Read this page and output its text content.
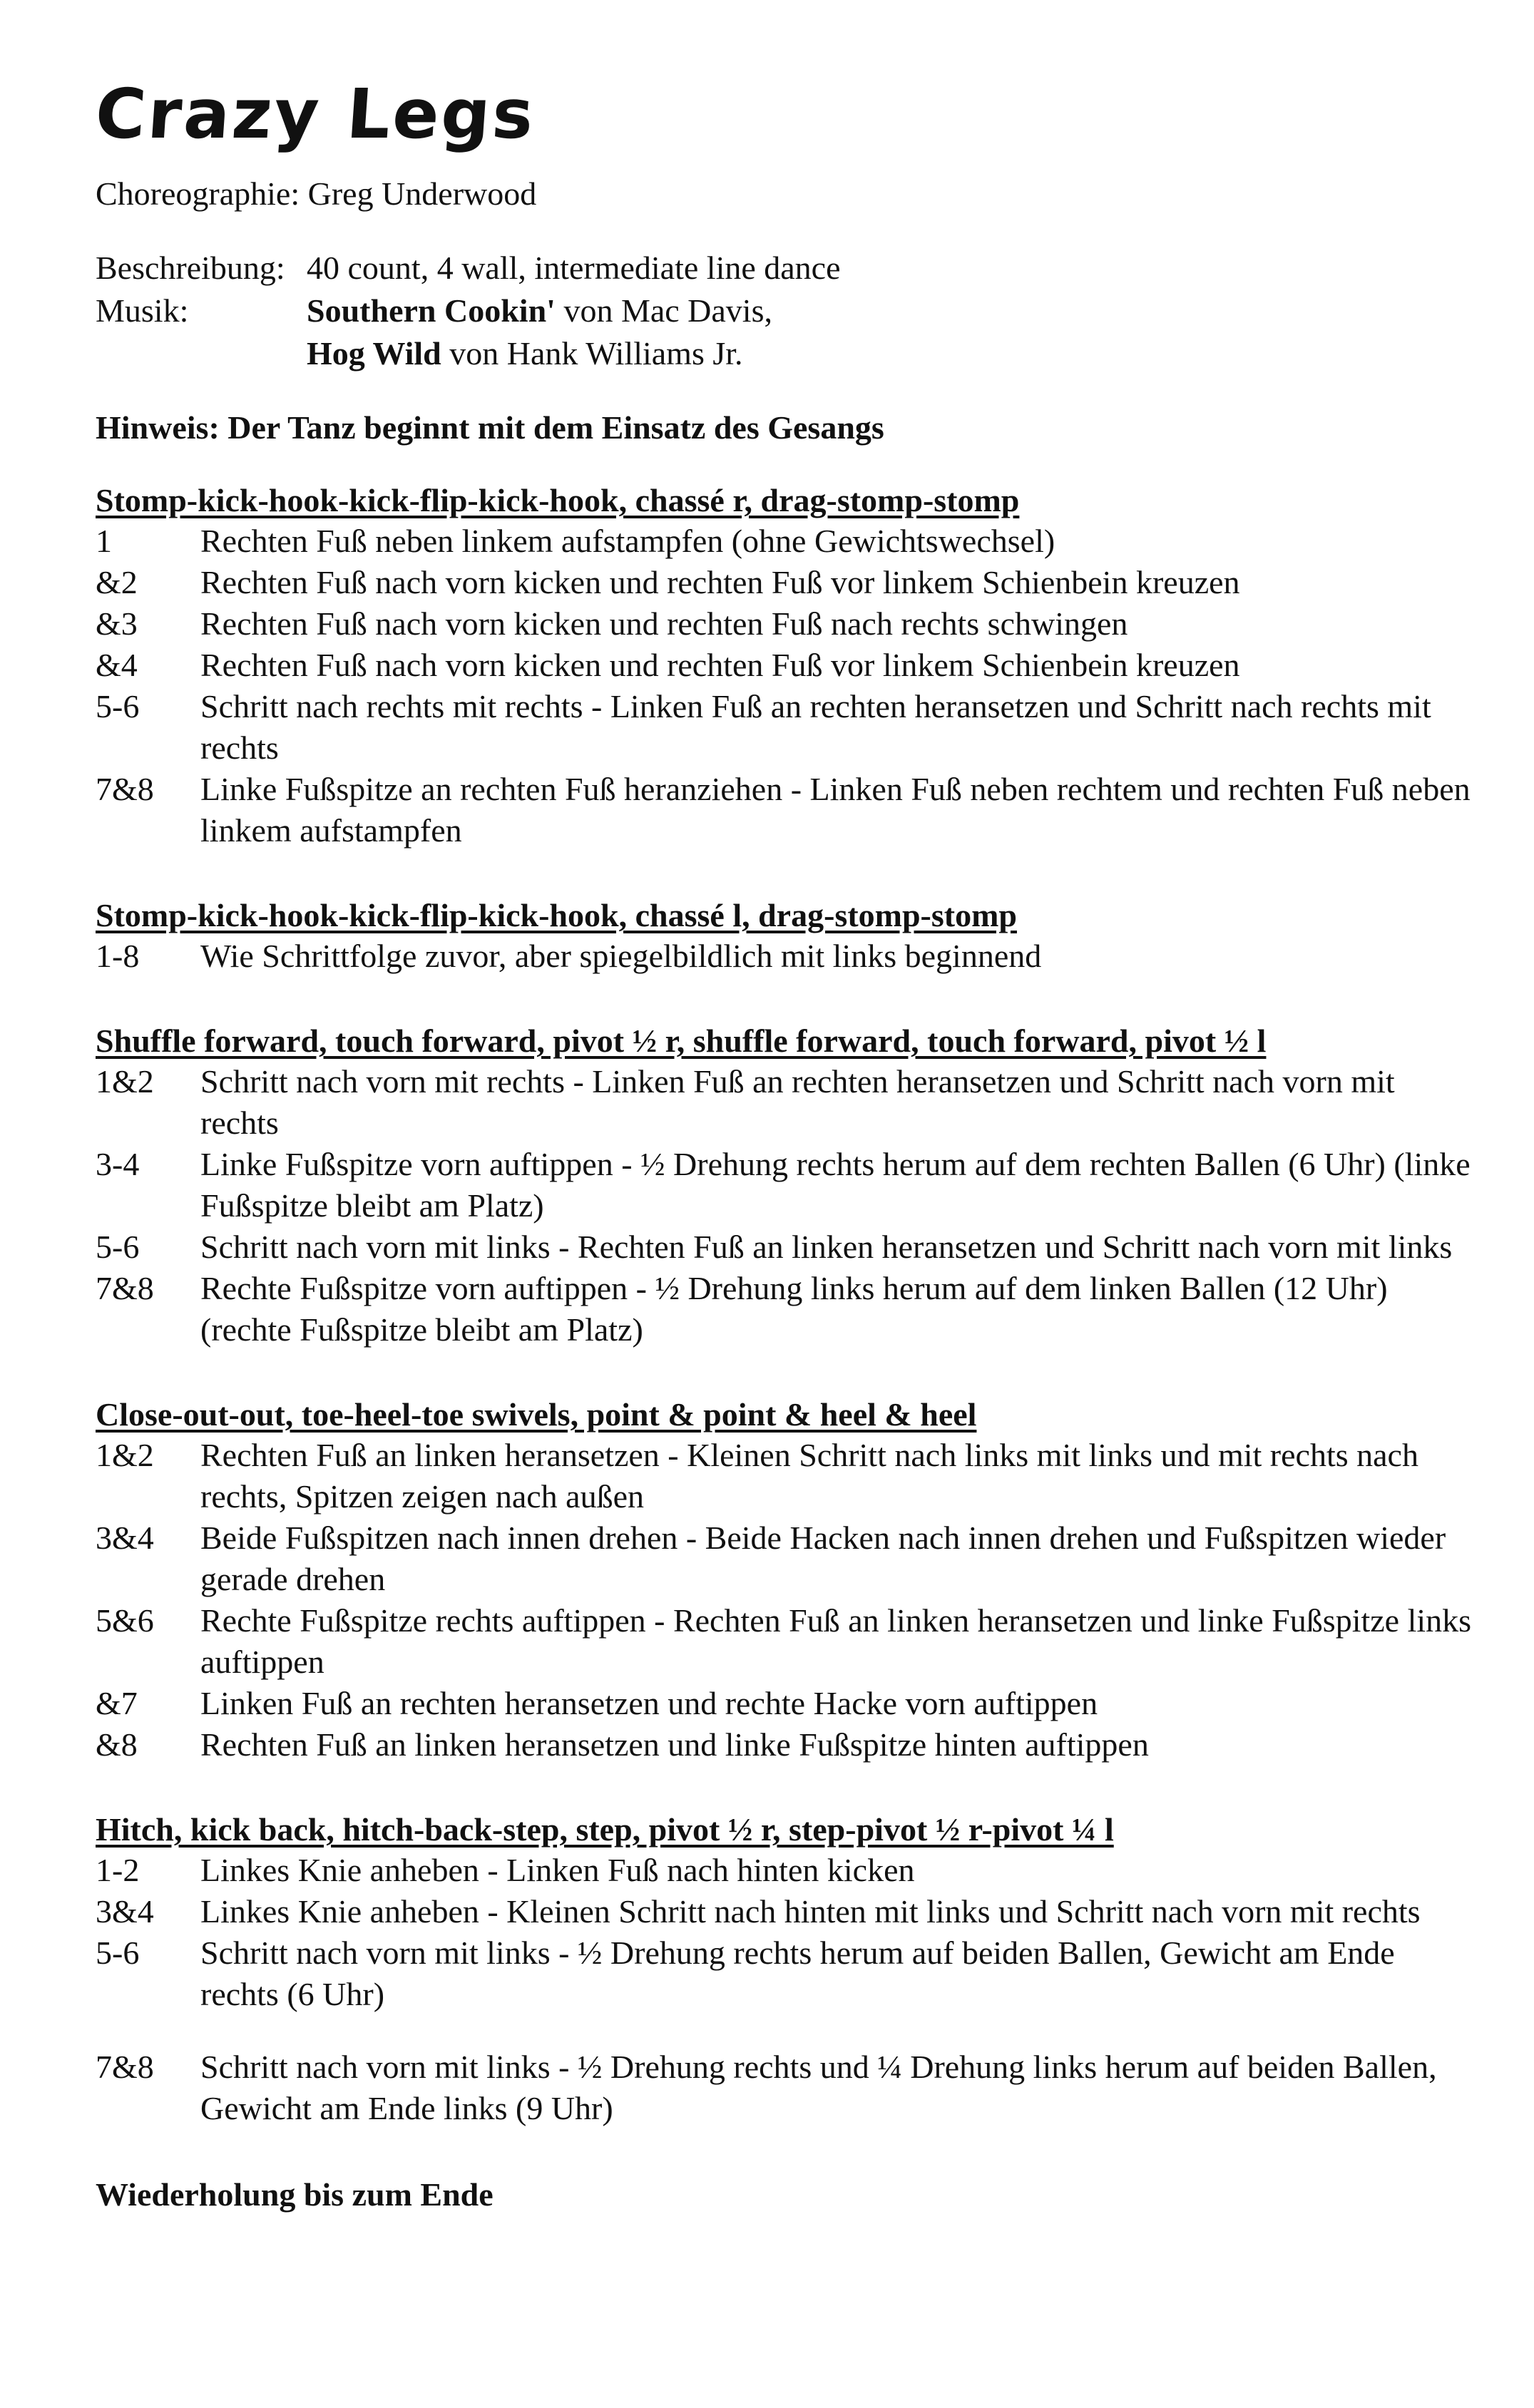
Crazy Legs
Choreographie: Greg Underwood
Beschreibung: 40 count, 4 wall, intermediate line dance
Musik:	Southern Cookin' von Mac Davis,
Hog Wild von Hank Williams Jr.
Hinweis: Der Tanz beginnt mit dem Einsatz des Gesangs
Stomp-kick-hook-kick-flip-kick-hook, chassé r, drag-stomp-stomp
1	Rechten Fuß neben linkem aufstampfen (ohne Gewichtswechsel)
&2	Rechten Fuß nach vorn kicken und rechten Fuß vor linkem Schienbein kreuzen
&3	Rechten Fuß nach vorn kicken und rechten Fuß nach rechts schwingen
&4	Rechten Fuß nach vorn kicken und rechten Fuß vor linkem Schienbein kreuzen
5-6	Schritt nach rechts mit rechts - Linken Fuß an rechten heransetzen und Schritt nach rechts mit rechts
7&8	Linke Fußspitze an rechten Fuß heranziehen - Linken Fuß neben rechtem und rechten Fuß neben linkem aufstampfen
Stomp-kick-hook-kick-flip-kick-hook, chassé l, drag-stomp-stomp
1-8	Wie Schrittfolge zuvor, aber spiegelbildlich mit links beginnend
Shuffle forward, touch forward, pivot ½ r, shuffle forward, touch forward, pivot ½ l
1&2	Schritt nach vorn mit rechts - Linken Fuß an rechten heransetzen und Schritt nach vorn mit rechts
3-4	Linke Fußspitze vorn auftippen - ½ Drehung rechts herum auf dem rechten Ballen (6 Uhr) (linke Fußspitze bleibt am Platz)
5-6	Schritt nach vorn mit links - Rechten Fuß an linken heransetzen und Schritt nach vorn mit links
7&8	Rechte Fußspitze vorn auftippen - ½ Drehung links herum auf dem linken Ballen (12 Uhr) (rechte Fußspitze bleibt am Platz)
Close-out-out, toe-heel-toe swivels, point & point & heel & heel
1&2	Rechten Fuß an linken heransetzen - Kleinen Schritt nach links mit links und mit rechts nach rechts, Spitzen zeigen nach außen
3&4	Beide Fußspitzen nach innen drehen - Beide Hacken nach innen drehen und Fußspitzen wieder gerade drehen
5&6	Rechte Fußspitze rechts auftippen - Rechten Fuß an linken heransetzen und linke Fußspitze links auftippen
&7	Linken Fuß an rechten heransetzen und rechte Hacke vorn auftippen
&8	Rechten Fuß an linken heransetzen und linke Fußspitze hinten auftippen
Hitch, kick back, hitch-back-step, step, pivot ½ r, step-pivot ½ r-pivot ¼ l
1-2	Linkes Knie anheben - Linken Fuß nach hinten kicken
3&4	Linkes Knie anheben - Kleinen Schritt nach hinten mit links und Schritt nach vorn mit rechts
5-6	Schritt nach vorn mit links - ½ Drehung rechts herum auf beiden Ballen, Gewicht am Ende rechts (6 Uhr)
7&8	Schritt nach vorn mit links - ½ Drehung rechts und ¼ Drehung links herum auf beiden Ballen, Gewicht am Ende links (9 Uhr)
Wiederholung bis zum Ende
